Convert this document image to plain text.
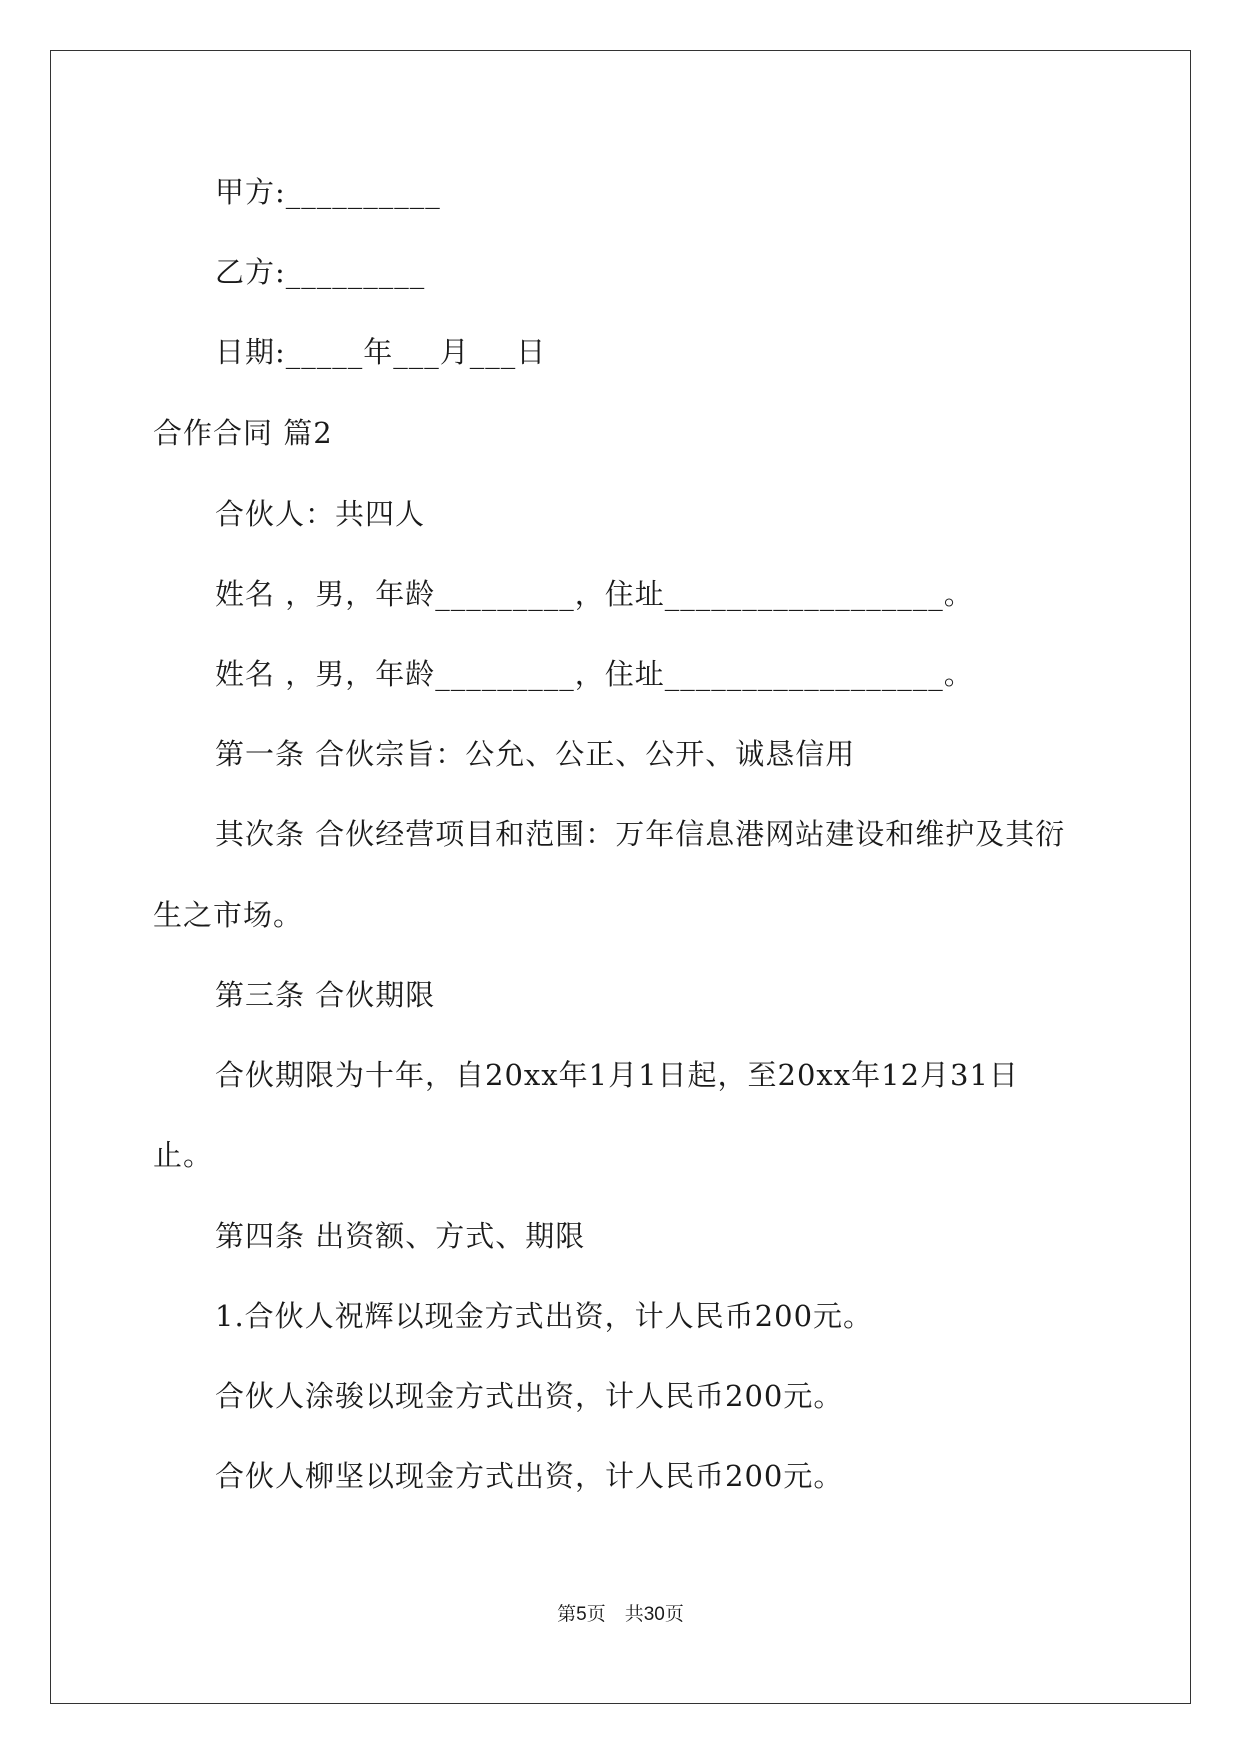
甲方:__________
乙方:_________
日期:_____年___月___日
合作合同 篇2
合伙人：共四人
姓名 ，男，年龄_________，住址__________________。
姓名 ，男，年龄_________，住址__________________。
第一条 合伙宗旨：公允、公正、公开、诚恳信用
其次条 合伙经营项目和范围：万年信息港网站建设和维护及其衍
生之市场。
第三条 合伙期限
合伙期限为十年，自20xx年1月1日起，至20xx年12月31日
止。
第四条 出资额、方式、期限
1.合伙人祝辉以现金方式出资，计人民币200元。
合伙人涂骏以现金方式出资，计人民币200元。
合伙人柳坚以现金方式出资，计人民币200元。
第5页　共30页
